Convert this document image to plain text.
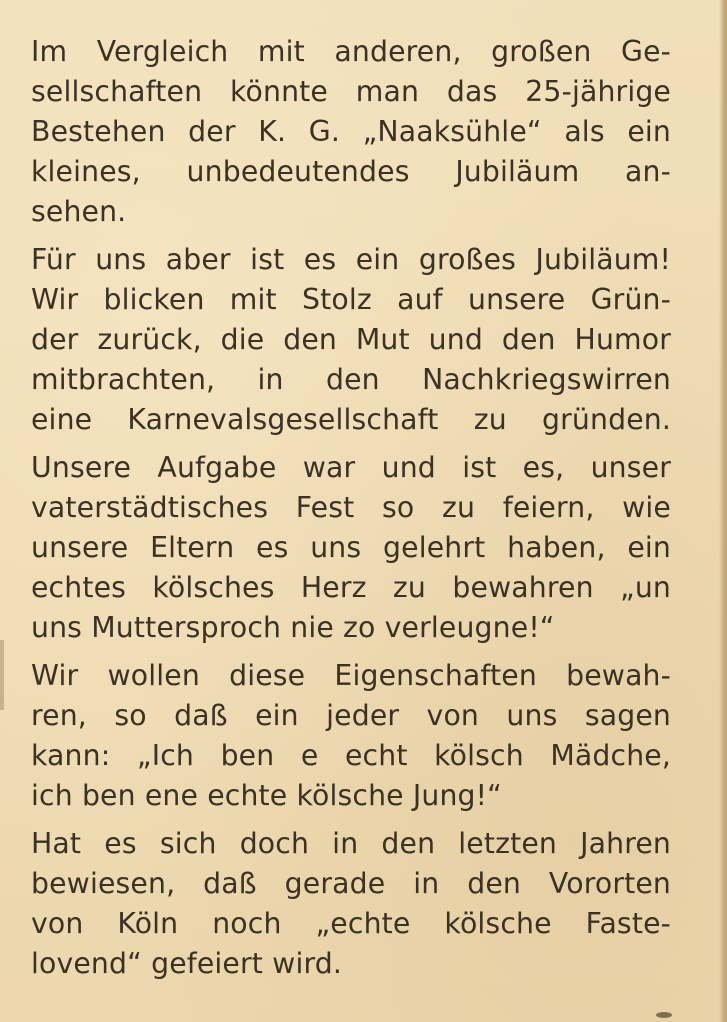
Im Vergleich mit anderen, großen Ge-
sellschaften könnte man das 25-jährige
Bestehen der K. G. „Naaksühle“ als ein
kleines, unbedeutendes Jubiläum an-
sehen.

Für uns aber ist es ein großes Jubiläum!
Wir blicken mit Stolz auf unsere Grün-
der zurück, die den Mut und den Humor
mitbrachten, in den Nachkriegswirren
eine Karnevalsgesellschaft zu gründen.

Unsere Aufgabe war und ist es, unser
vaterstädtisches Fest so zu feiern, wie
unsere Eltern es uns gelehrt haben, ein
echtes kölsches Herz zu bewahren „un
uns Muttersproch nie zo verleugne!“

Wir wollen diese Eigenschaften bewah-
ren, so daß ein jeder von uns sagen
kann: „Ich ben e echt kölsch Mädche,
ich ben ene echte kölsche Jung!“

Hat es sich doch in den letzten Jahren
bewiesen, daß gerade in den Vororten
von Köln noch „echte kölsche Faste-
lovend“ gefeiert wird.
